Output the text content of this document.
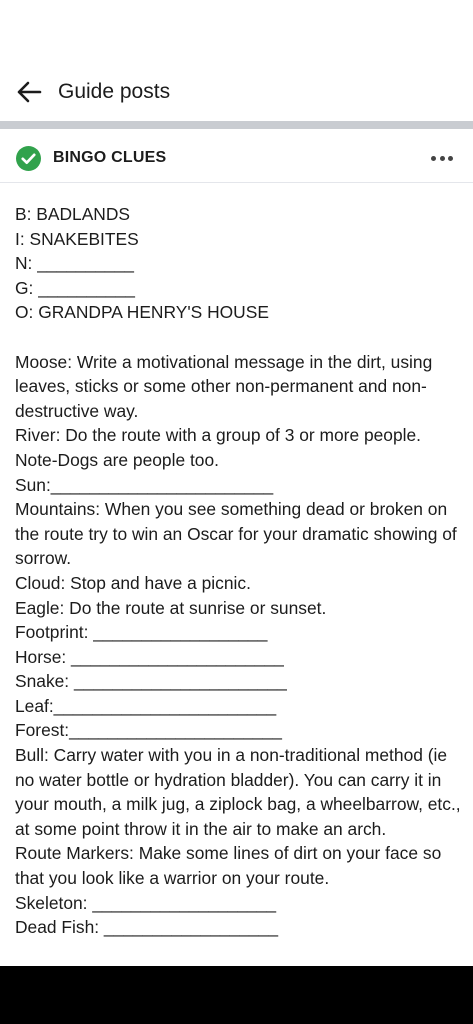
Guide posts
BINGO CLUES
B: BADLANDS
I: SNAKEBITES
N: __________
G: __________
O: GRANDPA HENRY'S HOUSE
Moose: Write a motivational message in the dirt, using leaves, sticks or some other non-permanent and non-destructive way.
River: Do the route with a group of 3 or more people. Note-Dogs are people too.
Sun:_______________________
Mountains: When you see something dead or broken on the route try to win an Oscar for your dramatic showing of sorrow.
Cloud: Stop and have a picnic.
Eagle: Do the route at sunrise or sunset.
Footprint: __________________
Horse: ______________________
Snake: ______________________
Leaf:_______________________
Forest:______________________
Bull: Carry water with you in a non-traditional method (ie no water bottle or hydration bladder). You can carry it in your mouth, a milk jug, a ziplock bag, a wheelbarrow, etc., at some point throw it in the air to make an arch.
Route Markers: Make some lines of dirt on your face so that you look like a warrior on your route.
Skeleton: ___________________
Dead Fish: __________________
